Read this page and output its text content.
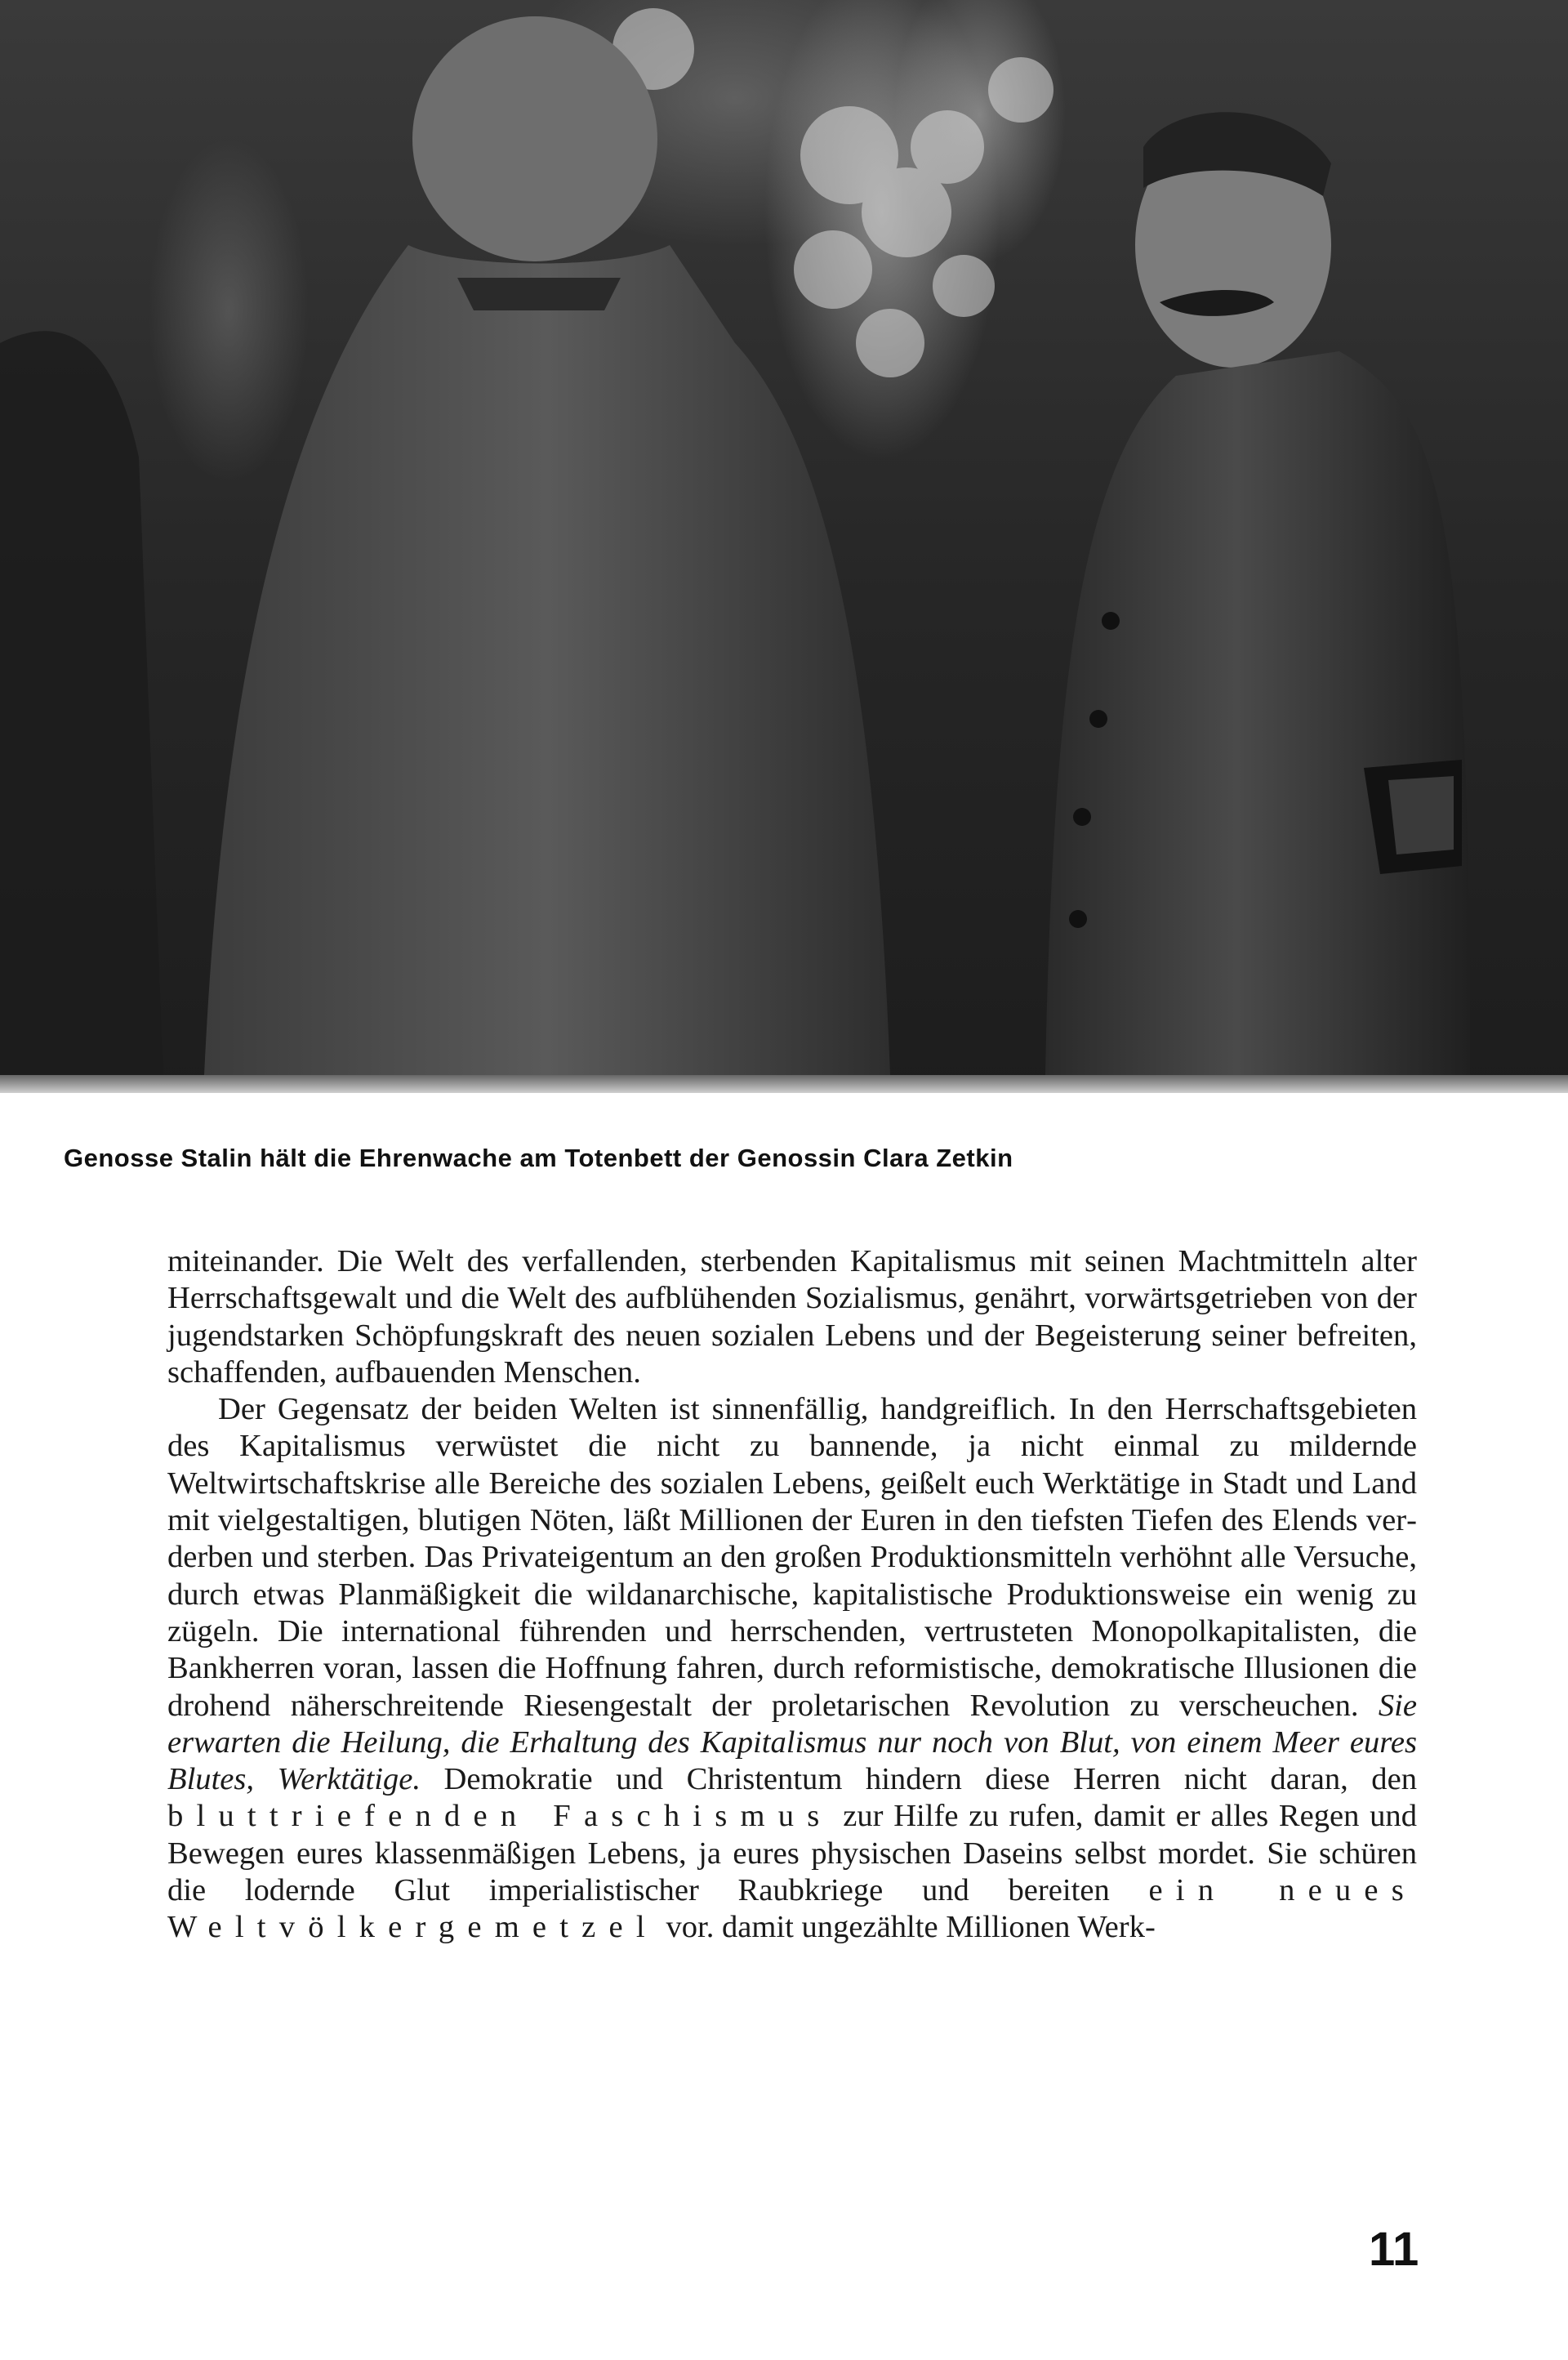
Genosse Stalin hält die Ehrenwache am Totenbett der Genossin Clara Zetkin

miteinander. Die Welt des verfallenden, sterbenden Kapitalismus mit seinen Machtmitteln alter Herrschaftsgewalt und die Welt des aufblühenden Sozialismus, genährt, vorwärtsgetrieben von der jugendstarken Schöpfungskraft des neuen sozialen Lebens und der Begeisterung seiner befreiten, schaffenden, aufbauenden Menschen.

Der Gegensatz der beiden Welten ist sinnenfällig, handgreiflich. In den Herrschaftsgebieten des Kapitalismus verwüstet die nicht zu bannende, ja nicht einmal zu mildernde Weltwirtschaftskrise alle Bereiche des sozialen Lebens, geißelt euch Werktätige in Stadt und Land mit vielgestaltigen, blutigen Nöten, läßt Millionen der Euren in den tiefsten Tiefen des Elends verderben und sterben. Das Privateigentum an den großen Produktionsmitteln verhöhnt alle Versuche, durch etwas Planmäßigkeit die wildanarchische, kapitalistische Produktionsweise ein wenig zu zügeln. Die international führenden und herrschenden, vertrusteten Monopolkapitalisten, die Bankherren voran, lassen die Hoffnung fahren, durch reformistische, demokratische Illusionen die drohend näherschreitende Riesengestalt der proletarischen Revolution zu verscheuchen. Sie erwarten die Heilung, die Erhaltung des Kapitalismus nur noch von Blut, von einem Meer eures Blutes, Werktätige. Demokratie und Christentum hindern diese Herren nicht daran, den bluttriefenden Faschismus zur Hilfe zu rufen, damit er alles Regen und Bewegen eures klassenmäßigen Lebens, ja eures physischen Daseins selbst mordet. Sie schüren die lodernde Glut imperialistischer Raubkriege und bereiten ein neues Weltvölkergemetzel vor. damit ungezählte Millionen Werk-

11
